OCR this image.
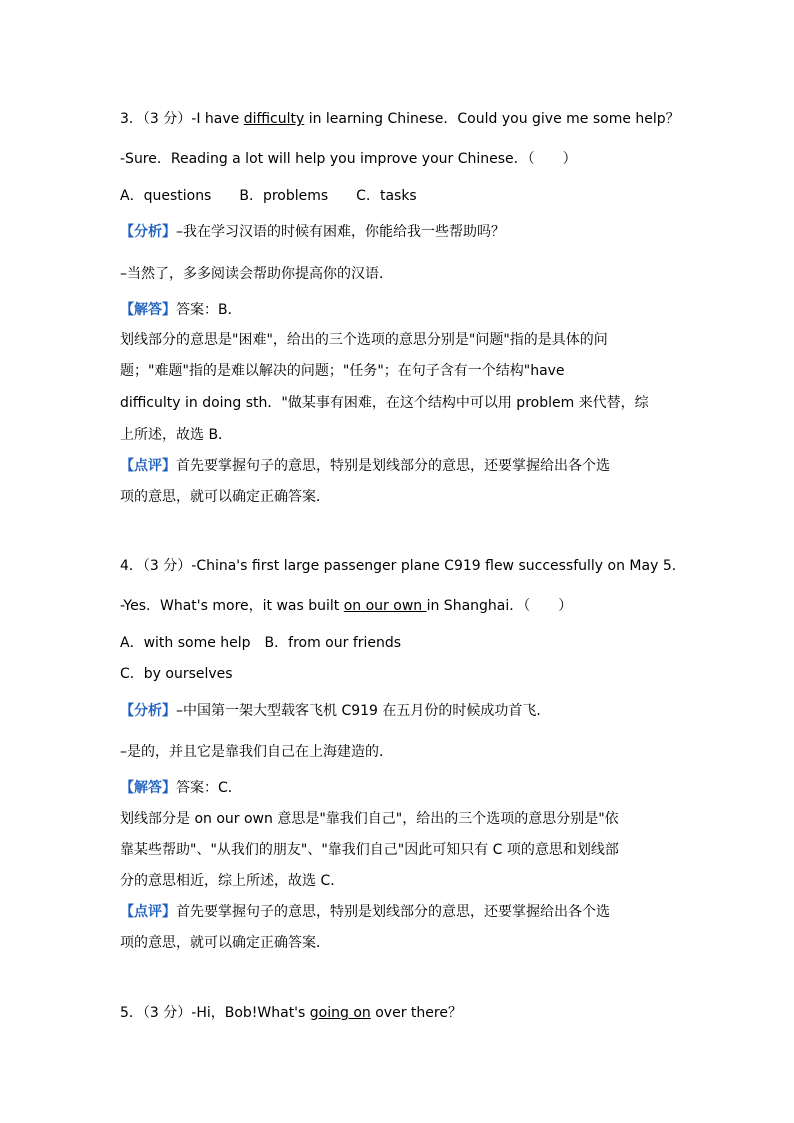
3．（3 分）-I have difficulty in learning Chinese．Could you give me some help？
-Sure．Reading a lot will help you improve your Chinese．（　　）
A．questions　　B．problems　　C．tasks
【分析】–我在学习汉语的时候有困难，你能给我一些帮助吗？
–当然了，多多阅读会帮助你提高你的汉语．
【解答】答案：B．
划线部分的意思是"困难"，给出的三个选项的意思分别是"问题"指的是具体的问
题；"难题"指的是难以解决的问题；"任务"；在句子含有一个结构"have
difficulty in doing sth．"做某事有困难，在这个结构中可以用 problem 来代替，综
上所述，故选 B．
【点评】首先要掌握句子的意思，特别是划线部分的意思，还要掌握给出各个选
项的意思，就可以确定正确答案．
4．（3 分）-China's first large passenger plane C919 flew successfully on May 5．
-Yes．What's more，it was built on our own in Shanghai．（　　）
A．with some help　B．from our friends
C．by ourselves
【分析】–中国第一架大型载客飞机 C919 在五月份的时候成功首飞．
–是的，并且它是靠我们自己在上海建造的．
【解答】答案：C．
划线部分是 on our own 意思是"靠我们自己"，给出的三个选项的意思分别是"依
靠某些帮助"、"从我们的朋友"、"靠我们自己"因此可知只有 C 项的意思和划线部
分的意思相近，综上所述，故选 C．
【点评】首先要掌握句子的意思，特别是划线部分的意思，还要掌握给出各个选
项的意思，就可以确定正确答案．
5．（3 分）-Hi，Bob!What's going on over there？
